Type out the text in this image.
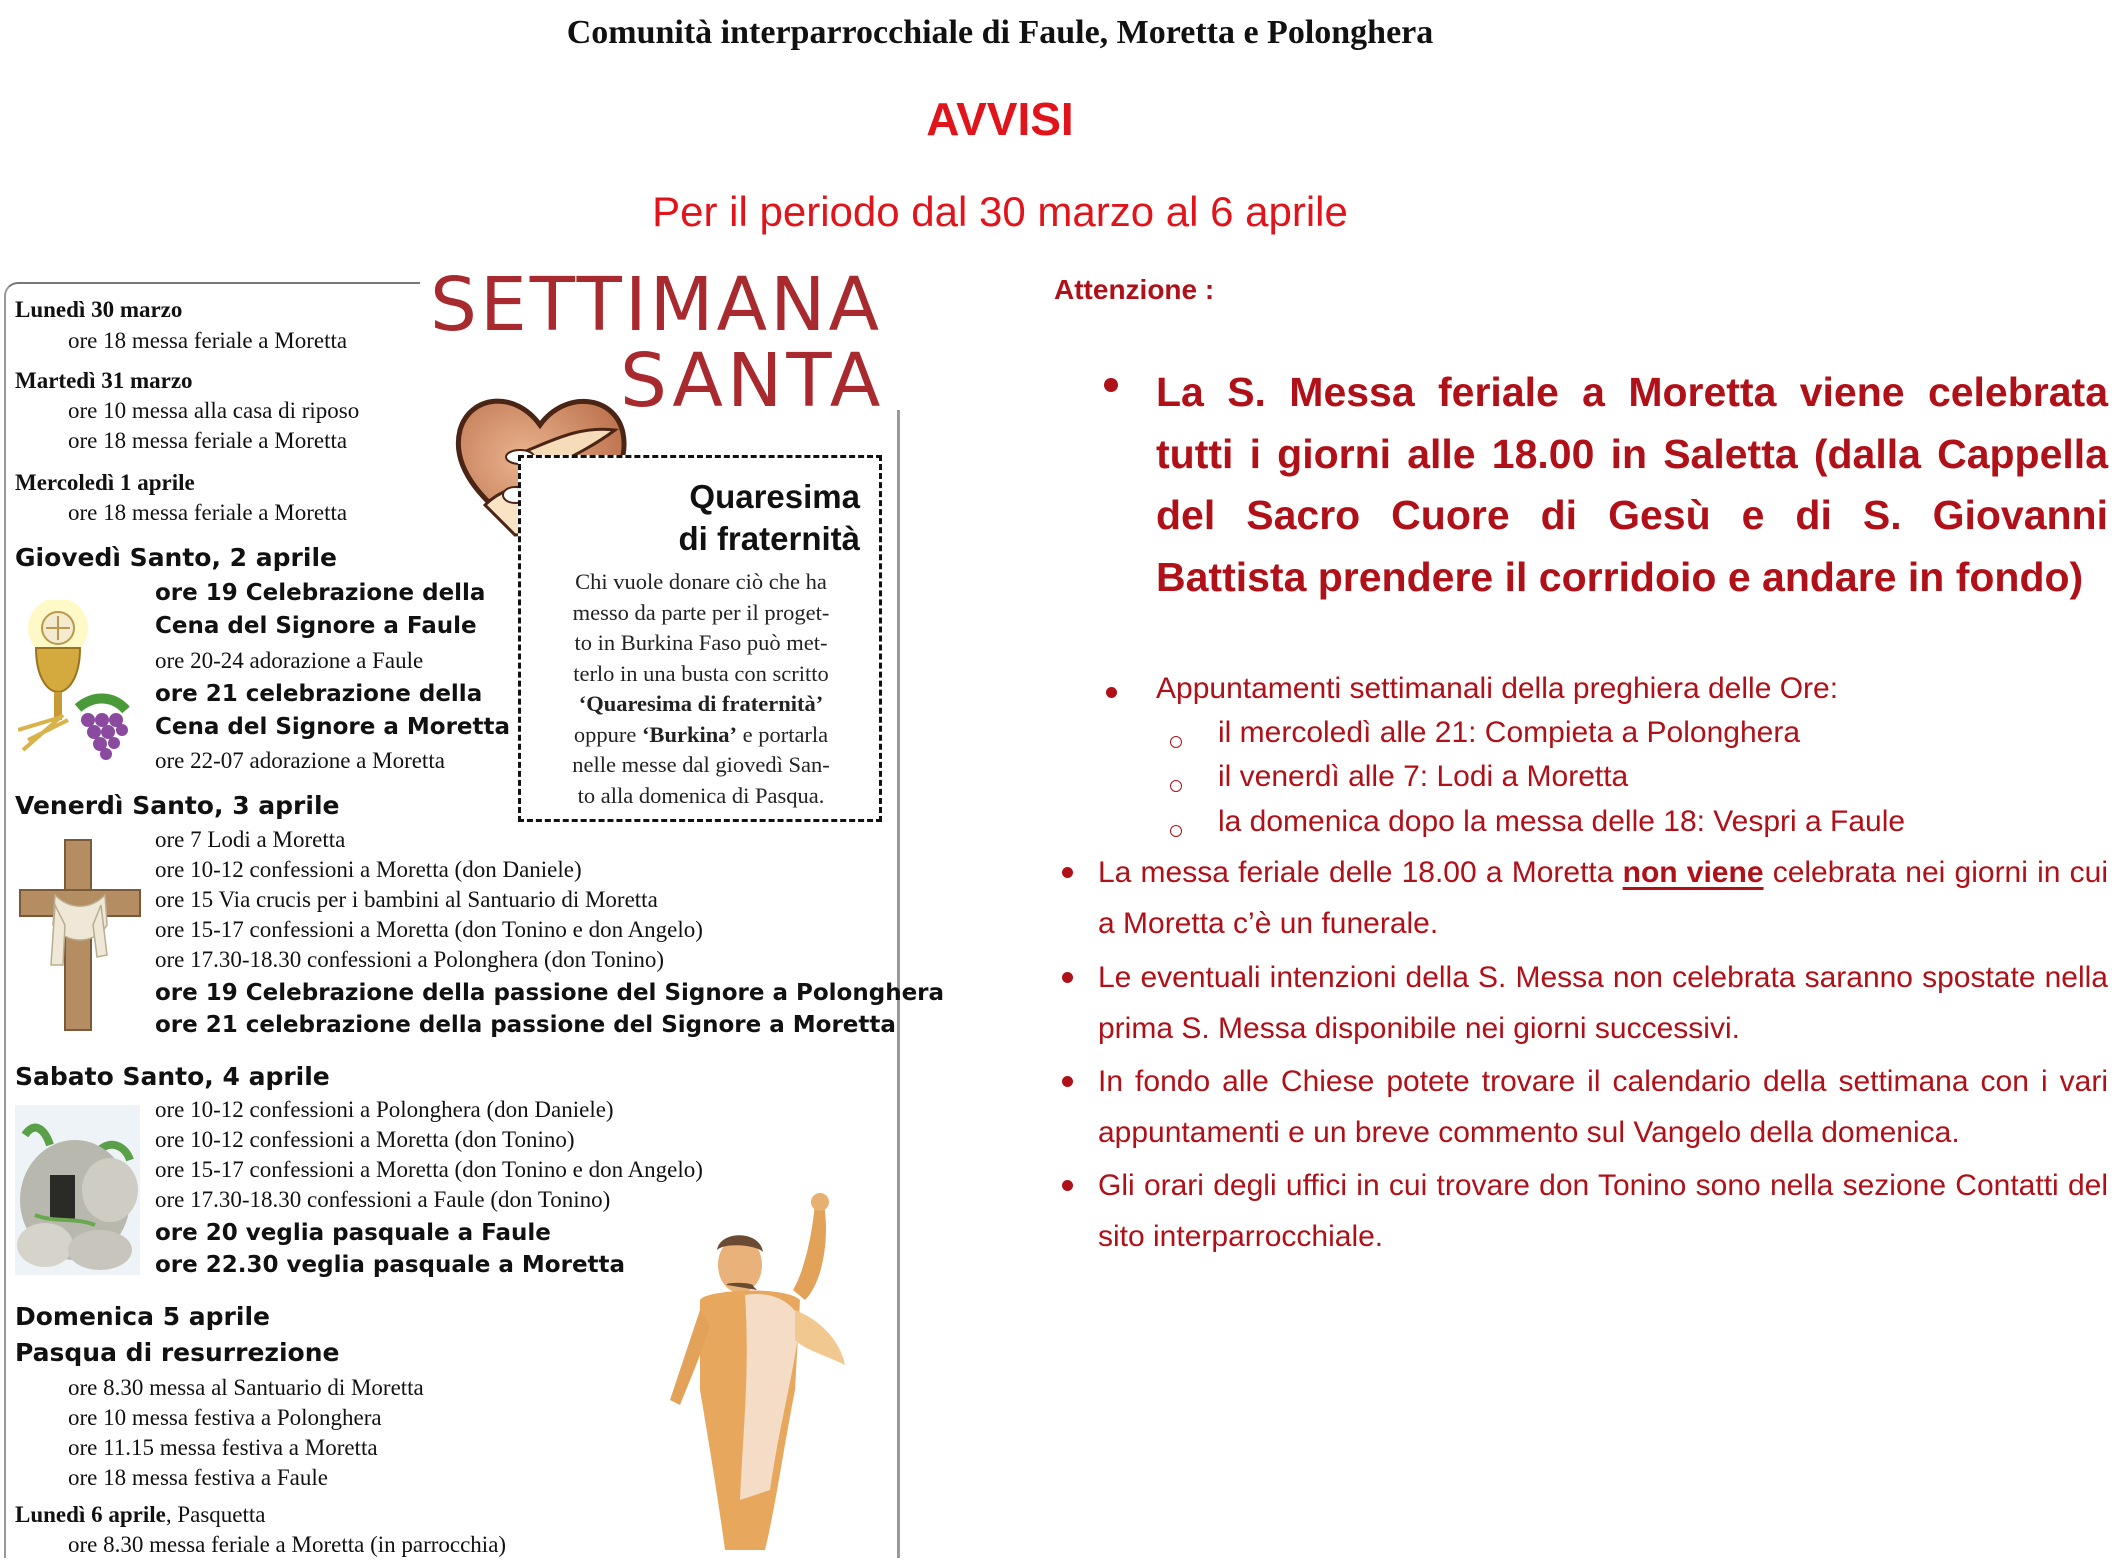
Comunità interparrocchiale di Faule, Moretta e Polonghera
AVVISI
Per il periodo dal 30 marzo al 6 aprile
SETTIMANA
SANTA
Quaresima
di fraternità
Chi vuole donare ciò che ha
messo da parte per il proget-
to in Burkina Faso può met-
terlo in una busta con scritto
‘Quaresima di fraternità’
oppure ‘Burkina’ e portarla
nelle messe dal giovedì San-
to alla domenica di Pasqua.
Lunedì 30 marzo
ore 18 messa feriale a Moretta
Martedì 31 marzo
ore 10 messa alla casa di riposo
ore 18 messa feriale a Moretta
Mercoledì 1 aprile
ore 18 messa feriale a Moretta
Giovedì Santo, 2 aprile
ore 19 Celebrazione della
Cena del Signore a Faule
ore 20-24 adorazione a Faule
ore 21 celebrazione della
Cena del Signore a Moretta
ore 22-07 adorazione a Moretta
Venerdì Santo, 3 aprile
ore 7 Lodi a Moretta
ore 10-12 confessioni a Moretta (don Daniele)
ore 15 Via crucis per i bambini al Santuario di Moretta
ore 15-17 confessioni a Moretta (don Tonino e don Angelo)
ore 17.30-18.30 confessioni a Polonghera (don Tonino)
ore 19 Celebrazione della passione del Signore a Polonghera
ore 21 celebrazione della passione del Signore a Moretta
Sabato Santo, 4 aprile
ore 10-12 confessioni a Polonghera (don Daniele)
ore 10-12 confessioni a Moretta (don Tonino)
ore 15-17 confessioni a Moretta (don Tonino e don Angelo)
ore 17.30-18.30 confessioni a Faule (don Tonino)
ore 20 veglia pasquale a Faule
ore 22.30 veglia pasquale a Moretta
Domenica 5 aprile
Pasqua di resurrezione
ore 8.30 messa al Santuario di Moretta
ore 10 messa festiva a Polonghera
ore 11.15 messa festiva a Moretta
ore 18 messa festiva a Faule
Lunedì 6 aprile, Pasquetta
ore 8.30 messa feriale a Moretta (in parrocchia)
Attenzione :
La S. Messa feriale a Moretta viene celebrata tutti i giorni alle 18.00 in Saletta (dalla Cappella del Sacro Cuore di Gesù e di S. Giovanni Battista prendere il corridoio e andare in fondo)
Appuntamenti settimanali della preghiera delle Ore:
il mercoledì alle 21: Compieta a Polonghera
il venerdì alle 7: Lodi a Moretta
la domenica dopo la messa delle 18: Vespri a Faule
La messa feriale delle 18.00 a Moretta non viene celebrata nei giorni in cui a Moretta c’è un funerale.
Le eventuali intenzioni della S. Messa non celebrata saranno spostate nella prima S. Messa disponibile nei giorni successivi.
In fondo alle Chiese potete trovare il calendario della settimana con i vari appuntamenti e un breve commento sul Vangelo della domenica.
Gli orari degli uffici in cui trovare don Tonino sono nella sezione Contatti del sito interparrocchiale.
